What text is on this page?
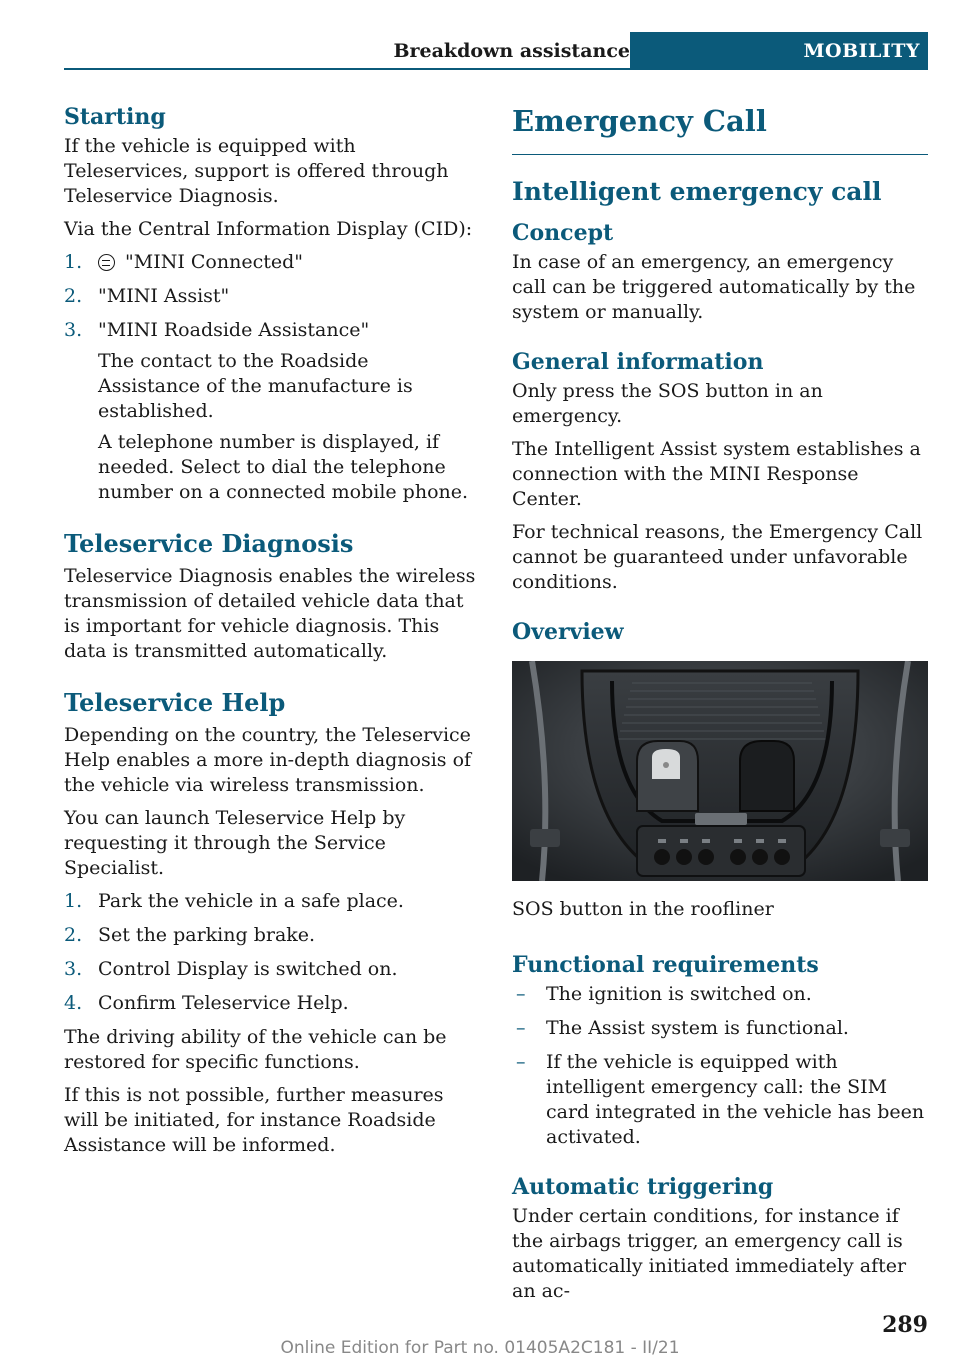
Breakdown assistance	MOBILITY
Starting

If the vehicle is equipped with Teleservices, support is offered through Teleservice Diagnosis.

Via the Central Information Display (CID):

1. "MINI Connected"
2. "MINI Assist"
3. "MINI Roadside Assistance"

The contact to the Roadside Assistance of the manufacture is established.

A telephone number is displayed, if needed. Select to dial the telephone number on a connected mobile phone.

Teleservice Diagnosis

Teleservice Diagnosis enables the wireless transmission of detailed vehicle data that is important for vehicle diagnosis. This data is transmitted automatically.

Teleservice Help

Depending on the country, the Teleservice Help enables a more in-depth diagnosis of the vehicle via wireless transmission.

You can launch Teleservice Help by requesting it through the Service Specialist.

1. Park the vehicle in a safe place.
2. Set the parking brake.
3. Control Display is switched on.
4. Confirm Teleservice Help.

The driving ability of the vehicle can be restored for specific functions.

If this is not possible, further measures will be initiated, for instance Roadside Assistance will be informed.

Emergency Call
Intelligent emergency call
Concept

In case of an emergency, an emergency call can be triggered automatically by the system or manually.

General information

Only press the SOS button in an emergency.

The Intelligent Assist system establishes a connection with the MINI Response Center.

For technical reasons, the Emergency Call cannot be guaranteed under unfavorable conditions.

Overview
SOS button in the roofliner
Functional requirements
– The ignition is switched on.
– The Assist system is functional.
– If the vehicle is equipped with intelligent emergency call: the SIM card integrated in the vehicle has been activated.
Automatic triggering

Under certain conditions, for instance if the airbags trigger, an emergency call is automatically initiated immediately after an ac-

289
Online Edition for Part no. 01405A2C181 - II/21
